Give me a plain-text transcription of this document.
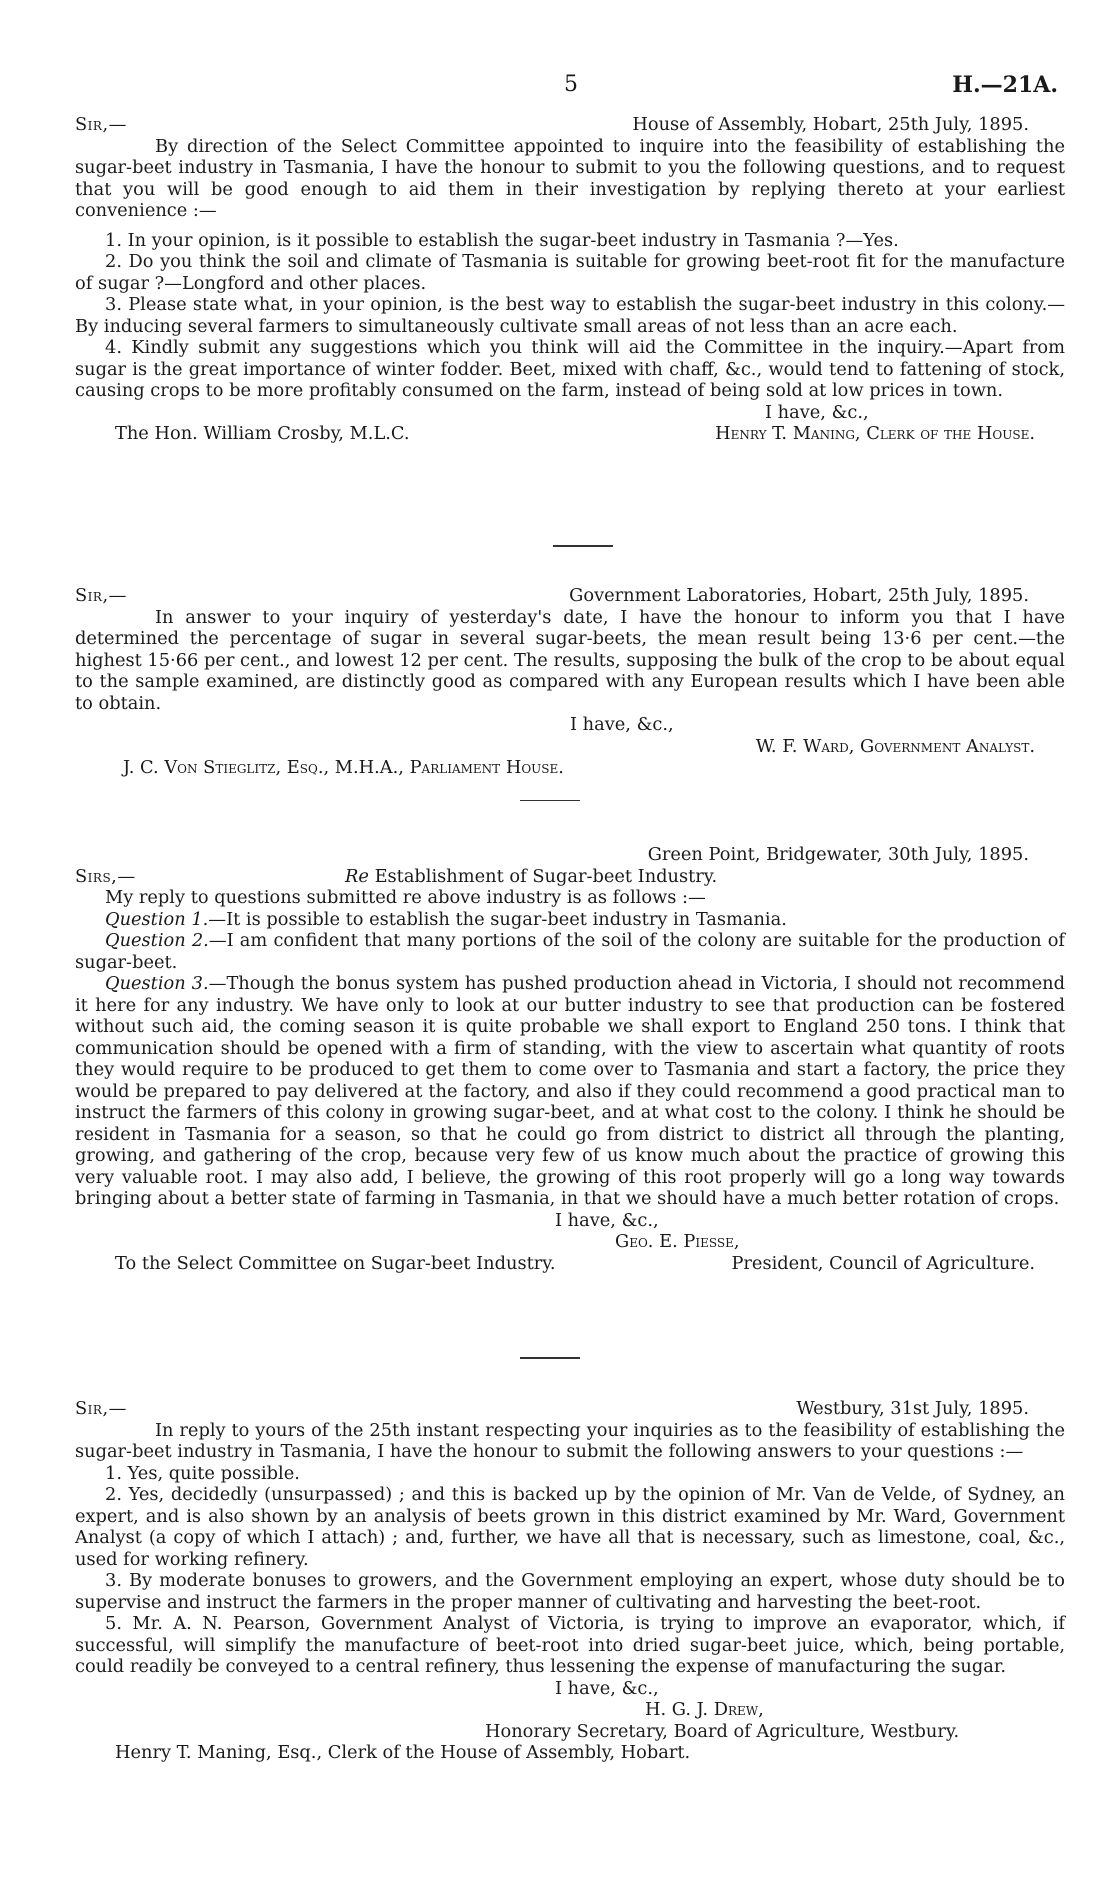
5	H.—21A.
Sir,—	House of Assembly, Hobart, 25th July, 1895.

By direction of the Select Committee appointed to inquire into the feasibility of establishing the sugar-beet industry in Tasmania, I have the honour to submit to you the following questions, and to request that you will be good enough to aid them in their investigation by replying thereto at your earliest convenience :—

1. In your opinion, is it possible to establish the sugar-beet industry in Tasmania ?—Yes.

2. Do you think the soil and climate of Tasmania is suitable for growing beet-root fit for the manufacture of sugar ?—Longford and other places.

3. Please state what, in your opinion, is the best way to establish the sugar-beet industry in this colony.—By inducing several farmers to simultaneously cultivate small areas of not less than an acre each.

4. Kindly submit any suggestions which you think will aid the Committee in the inquiry.—Apart from sugar is the great importance of winter fodder. Beet, mixed with chaff, &c., would tend to fattening of stock, causing crops to be more profitably consumed on the farm, instead of being sold at low prices in town.

I have, &c.,
The Hon. William Crosby, M.L.C.	Henry T. Maning, Clerk of the House.
Sir,—	Government Laboratories, Hobart, 25th July, 1895.

In answer to your inquiry of yesterday's date, I have the honour to inform you that I have determined the percentage of sugar in several sugar-beets, the mean result being 13·6 per cent.—the highest 15·66 per cent., and lowest 12 per cent. The results, supposing the bulk of the crop to be about equal to the sample examined, are distinctly good as compared with any European results which I have been able to obtain.

I have, &c.,
W. F. Ward, Government Analyst.
J. C. Von Stieglitz, Esq., M.H.A., Parliament House.
Green Point, Bridgewater, 30th July, 1895.
Sirs,—	Re
Establishment of Sugar-beet Industry.

My reply to questions submitted re above industry is as follows :—

Question 1.—It is possible to establish the sugar-beet industry in Tasmania.

Question 2.—I am confident that many portions of the soil of the colony are suitable for the production of sugar-beet.

Question 3.—Though the bonus system has pushed production ahead in Victoria, I should not recommend it here for any industry. We have only to look at our butter industry to see that production can be fostered without such aid, the coming season it is quite probable we shall export to England 250 tons. I think that communication should be opened with a firm of standing, with the view to ascertain what quantity of roots they would require to be produced to get them to come over to Tasmania and start a factory, the price they would be prepared to pay delivered at the factory, and also if they could recommend a good practical man to instruct the farmers of this colony in growing sugar-beet, and at what cost to the colony. I think he should be resident in Tasmania for a season, so that he could go from district to district all through the planting, growing, and gathering of the crop, because very few of us know much about the practice of growing this very valuable root. I may also add, I believe, the growing of this root properly will go a long way towards bringing about a better state of farming in Tasmania, in that we should have a much better rotation of crops.

I have, &c.,
Geo. E. Piesse,
To the Select Committee on Sugar-beet Industry.	President, Council of Agriculture.
Sir,—	Westbury, 31st July, 1895.

In reply to yours of the 25th instant respecting your inquiries as to the feasibility of establishing the sugar-beet industry in Tasmania, I have the honour to submit the following answers to your questions :—

1. Yes, quite possible.

2. Yes, decidedly (unsurpassed) ; and this is backed up by the opinion of Mr. Van de Velde, of Sydney, an expert, and is also shown by an analysis of beets grown in this district examined by Mr. Ward, Government Analyst (a copy of which I attach) ; and, further, we have all that is necessary, such as limestone, coal, &c., used for working refinery.

3. By moderate bonuses to growers, and the Government employing an expert, whose duty should be to supervise and instruct the farmers in the proper manner of cultivating and harvesting the beet-root.

5. Mr. A. N. Pearson, Government Analyst of Victoria, is trying to improve an evaporator, which, if successful, will simplify the manufacture of beet-root into dried sugar-beet juice, which, being portable, could readily be conveyed to a central refinery, thus lessening the expense of manufacturing the sugar.

I have, &c.,
H. G. J. Drew,
Honorary Secretary, Board of Agriculture, Westbury.
Henry T. Maning, Esq., Clerk of the House of Assembly, Hobart.
